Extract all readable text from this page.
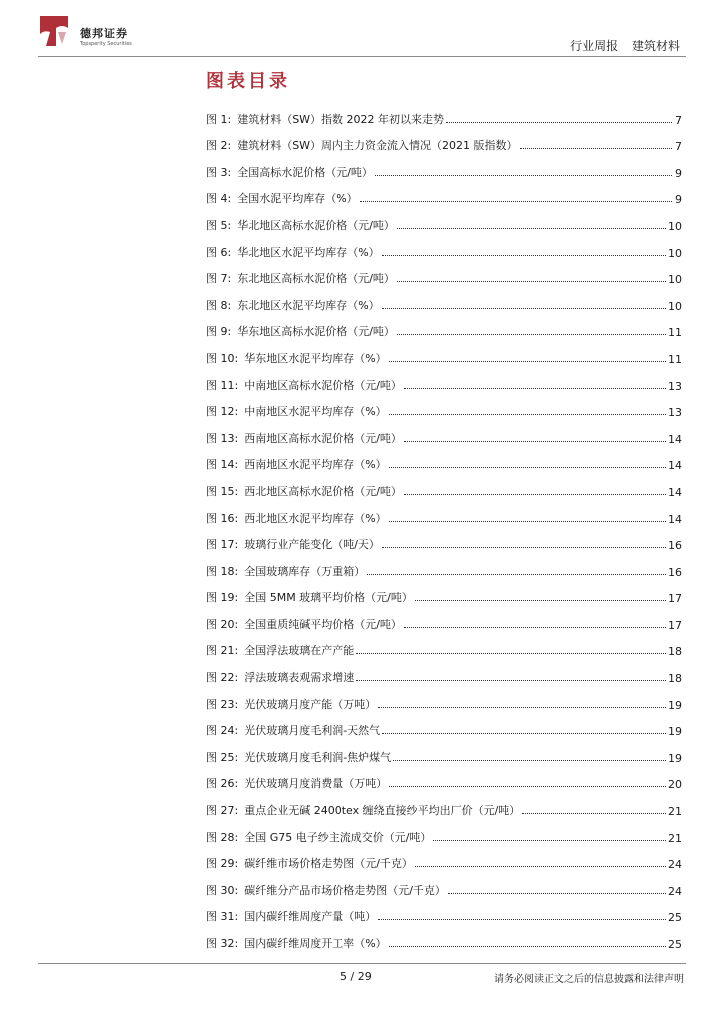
德邦证券
Topsperity Securities	行业周报 建筑材料
图表目录
图 1: 建筑材料（SW）指数 2022 年初以来走势	7
图 2: 建筑材料（SW）周内主力资金流入情况（2021 版指数）	7
图 3: 全国高标水泥价格（元/吨）	9
图 4: 全国水泥平均库存（%）	9
图 5: 华北地区高标水泥价格（元/吨）	10
图 6: 华北地区水泥平均库存（%）	10
图 7: 东北地区高标水泥价格（元/吨）	10
图 8: 东北地区水泥平均库存（%）	10
图 9: 华东地区高标水泥价格（元/吨）	11
图 10: 华东地区水泥平均库存（%）	11
图 11: 中南地区高标水泥价格（元/吨）	13
图 12: 中南地区水泥平均库存（%）	13
图 13: 西南地区高标水泥价格（元/吨）	14
图 14: 西南地区水泥平均库存（%）	14
图 15: 西北地区高标水泥价格（元/吨）	14
图 16: 西北地区水泥平均库存（%）	14
图 17: 玻璃行业产能变化（吨/天）	16
图 18: 全国玻璃库存（万重箱）	16
图 19: 全国 5MM 玻璃平均价格（元/吨）	17
图 20: 全国重质纯碱平均价格（元/吨）	17
图 21: 全国浮法玻璃在产产能	18
图 22: 浮法玻璃表观需求增速	18
图 23: 光伏玻璃月度产能（万吨）	19
图 24: 光伏玻璃月度毛利润-天然气	19
图 25: 光伏玻璃月度毛利润-焦炉煤气	19
图 26: 光伏玻璃月度消费量（万吨）	20
图 27: 重点企业无碱 2400tex 缠绕直接纱平均出厂价（元/吨）	21
图 28: 全国 G75 电子纱主流成交价（元/吨）	21
图 29: 碳纤维市场价格走势图（元/千克）	24
图 30: 碳纤维分产品市场价格走势图（元/千克）	24
图 31: 国内碳纤维周度产量（吨）	25
图 32: 国内碳纤维周度开工率（%）	25
5 / 29	请务必阅读正文之后的信息披露和法律声明
